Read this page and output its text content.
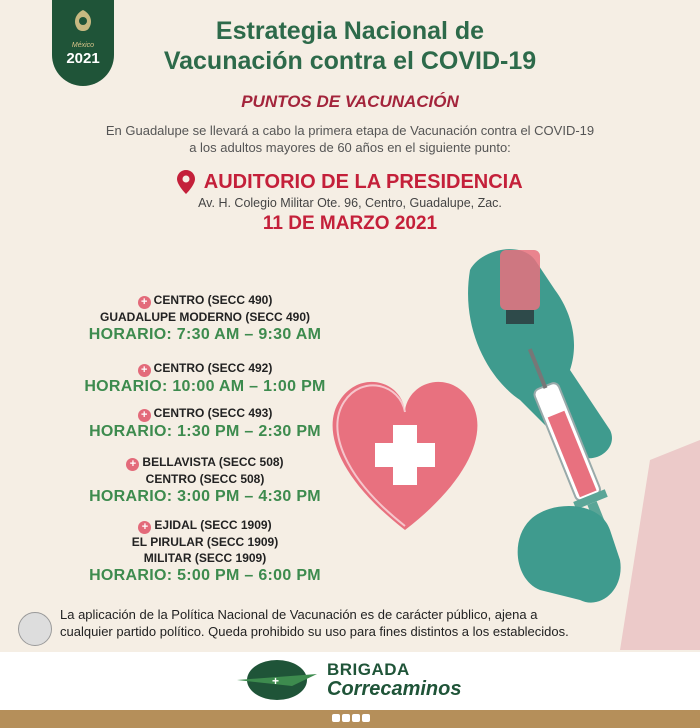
México
2021
Estrategia Nacional de
Vacunación contra el COVID-19
PUNTOS DE VACUNACIÓN
En Guadalupe se llevará a cabo la primera etapa de Vacunación contra el COVID-19
a los adultos mayores de 60 años en el siguiente punto:
AUDITORIO DE LA PRESIDENCIA
Av. H. Colegio Militar Ote. 96, Centro, Guadalupe, Zac.
11 DE MARZO 2021
+ CENTRO (SECC 490)
GUADALUPE MODERNO (SECC 490)
HORARIO: 7:30 AM – 9:30 AM
+ CENTRO (SECC 492)
HORARIO: 10:00 AM – 1:00 PM
+ CENTRO (SECC 493)
HORARIO: 1:30 PM – 2:30 PM
+ BELLAVISTA (SECC 508)
CENTRO (SECC 508)
HORARIO: 3:00 PM – 4:30 PM
+ EJIDAL (SECC 1909)
EL PIRULAR (SECC 1909)
MILITAR (SECC 1909)
HORARIO: 5:00 PM – 6:00 PM
La aplicación de la Política Nacional de Vacunación es de carácter público, ajena a
cualquier partido político. Queda prohibido su uso para fines distintos a los establecidos.
+
BRIGADA
Correcaminos
